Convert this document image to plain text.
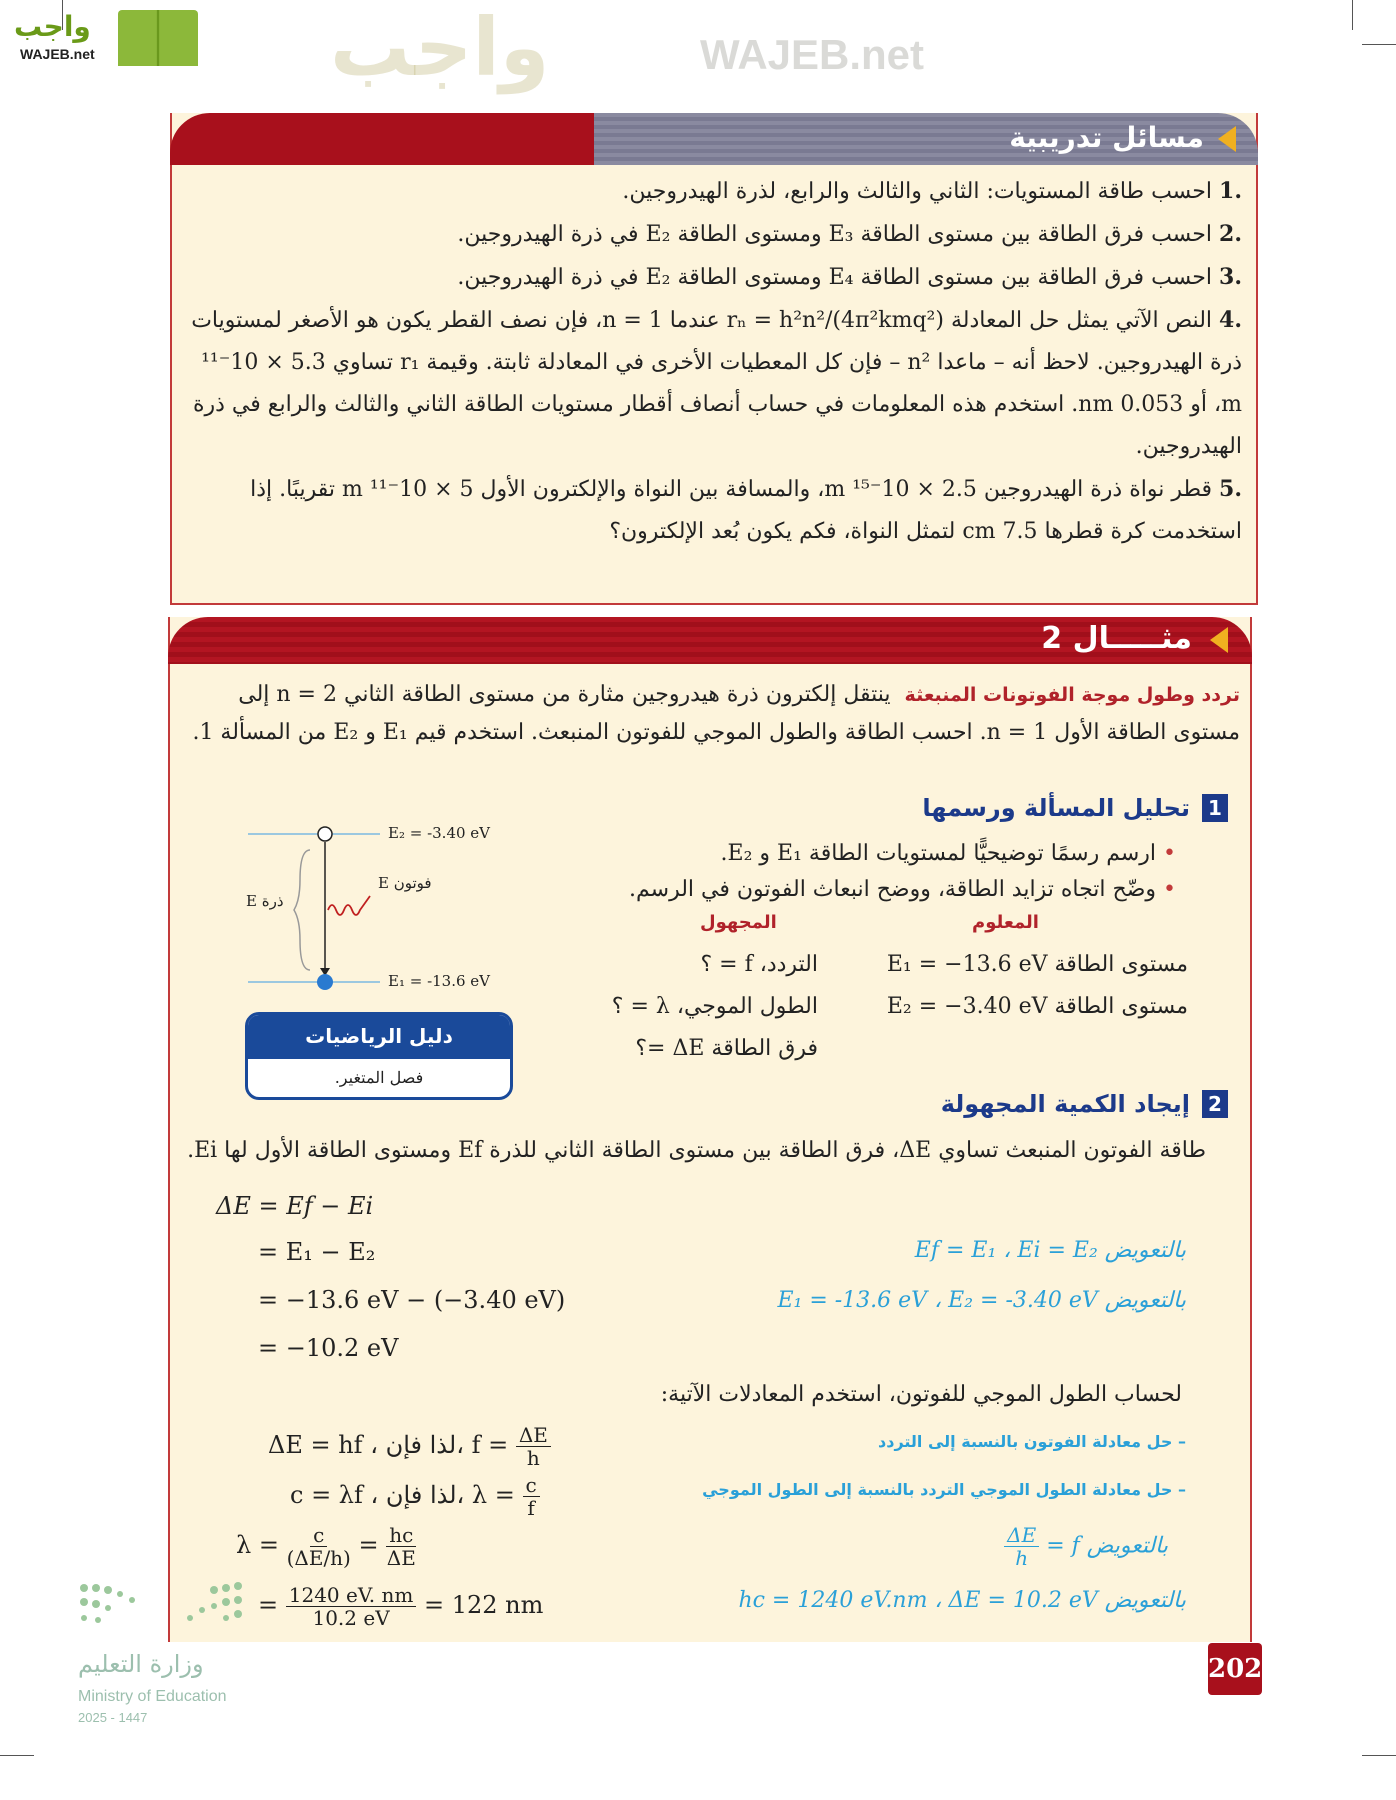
واجب
WAJEB.net	واجب	WAJEB.net
مسائل تدريبية
.1 احسب طاقة المستويات: الثاني والثالث والرابع، لذرة الهيدروجين.
.2 احسب فرق الطاقة بين مستوى الطاقة E₃ ومستوى الطاقة E₂ في ذرة الهيدروجين.
.3 احسب فرق الطاقة بين مستوى الطاقة E₄ ومستوى الطاقة E₂ في ذرة الهيدروجين.
.4 النص الآتي يمثل حل المعادلة rₙ = h²n²/(4π²kmq²) عندما n = 1، فإن نصف القطر يكون هو الأصغر لمستويات ذرة الهيدروجين. لاحظ أنه – ماعدا n² – فإن كل المعطيات الأخرى في المعادلة ثابتة. وقيمة r₁ تساوي 5.3 × 10⁻¹¹ m، أو 0.053 nm. استخدم هذه المعلومات في حساب أنصاف أقطار مستويات الطاقة الثاني والثالث والرابع في ذرة الهيدروجين.
.5 قطر نواة ذرة الهيدروجين 2.5 × 10⁻¹⁵ m، والمسافة بين النواة والإلكترون الأول 5 × 10⁻¹¹ m تقريبًا. إذا استخدمت كرة قطرها 7.5 cm لتمثل النواة، فكم يكون بُعد الإلكترون؟
مثـــــال 2
تردد وطول موجة الفوتونات المنبعثة  ينتقل إلكترون ذرة هيدروجين مثارة من مستوى الطاقة الثاني n = 2 إلى مستوى الطاقة الأول n = 1. احسب الطاقة والطول الموجي للفوتون المنبعث. استخدم قيم E₁ و E₂ من المسألة 1.
1
تحليل المسألة ورسمها
• ارسم رسمًا توضيحيًّا لمستويات الطاقة E₁ و E₂.
• وضّح اتجاه تزايد الطاقة، ووضح انبعاث الفوتون في الرسم.
المعلوم
المجهول
مستوى الطاقة E₁ = −13.6 eV
مستوى الطاقة E₂ = −3.40 eV
التردد، f = ؟
الطول الموجي، λ = ؟
فرق الطاقة ΔE =؟
E₂ = -3.40 eV
E₁ = -13.6 eV
E فوتون
E ذرة
دليل الرياضيات
فصل المتغير.
2
إيجاد الكمية المجهولة
طاقة الفوتون المنبعث تساوي ΔE، فرق الطاقة بين مستوى الطاقة الثاني للذرة Ef ومستوى الطاقة الأول لها Ei.
ΔE = Ef − Ei
= E₁ − E₂
= −13.6 eV − (−3.40 eV)
= −10.2 eV
بالتعويض Ef = E₁ ، Ei = E₂
بالتعويض E₁ = -13.6 eV ، E₂ = -3.40 eV
لحساب الطول الموجي للفوتون، استخدم المعادلات الآتية:
ΔE = hf ، لذا فإن، $f = \frac{\Delta E}{h}$
c = λf ، لذا فإن، $\lambda = \frac{c}{f}$
$\lambda = \frac{c}{(\Delta E/h)} = \frac{hc}{\Delta E}$
= $\frac{1240 eV. nm}{10.2 eV} = 122$ nm
– حل معادلة الفوتون بالنسبة إلى التردد
– حل معادلة الطول الموجي التردد بالنسبة إلى الطول الموجي
بالتعويض f =
$\frac{\Delta E}{h}$
بالتعويض hc = 1240 eV.nm ، ΔE = 10.2 eV
وزارة التعليم
Ministry of Education
2025 - 1447
202
